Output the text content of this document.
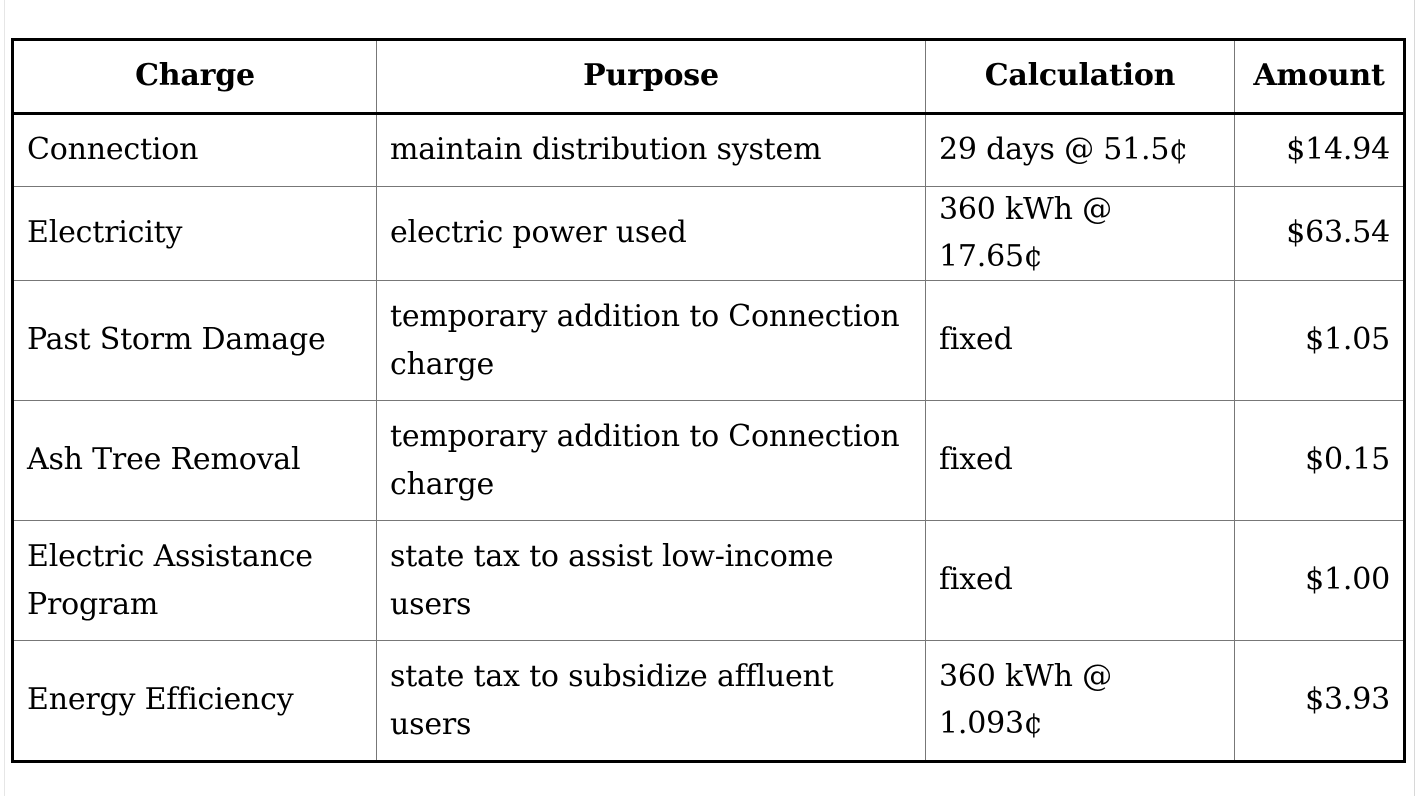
Charge	Purpose	Calculation	Amount
Connection	maintain distribution system	29 days @ 51.5¢	$14.94
Electricity	electric power used	360 kWh @ 17.65¢	$63.54
Past Storm Damage	temporary addition to Connection charge	fixed	$1.05
Ash Tree Removal	temporary addition to Connection charge	fixed	$0.15
Electric Assistance Program	state tax to assist low-income users	fixed	$1.00
Energy Efficiency	state tax to subsidize affluent users	360 kWh @ 1.093¢	$3.93
